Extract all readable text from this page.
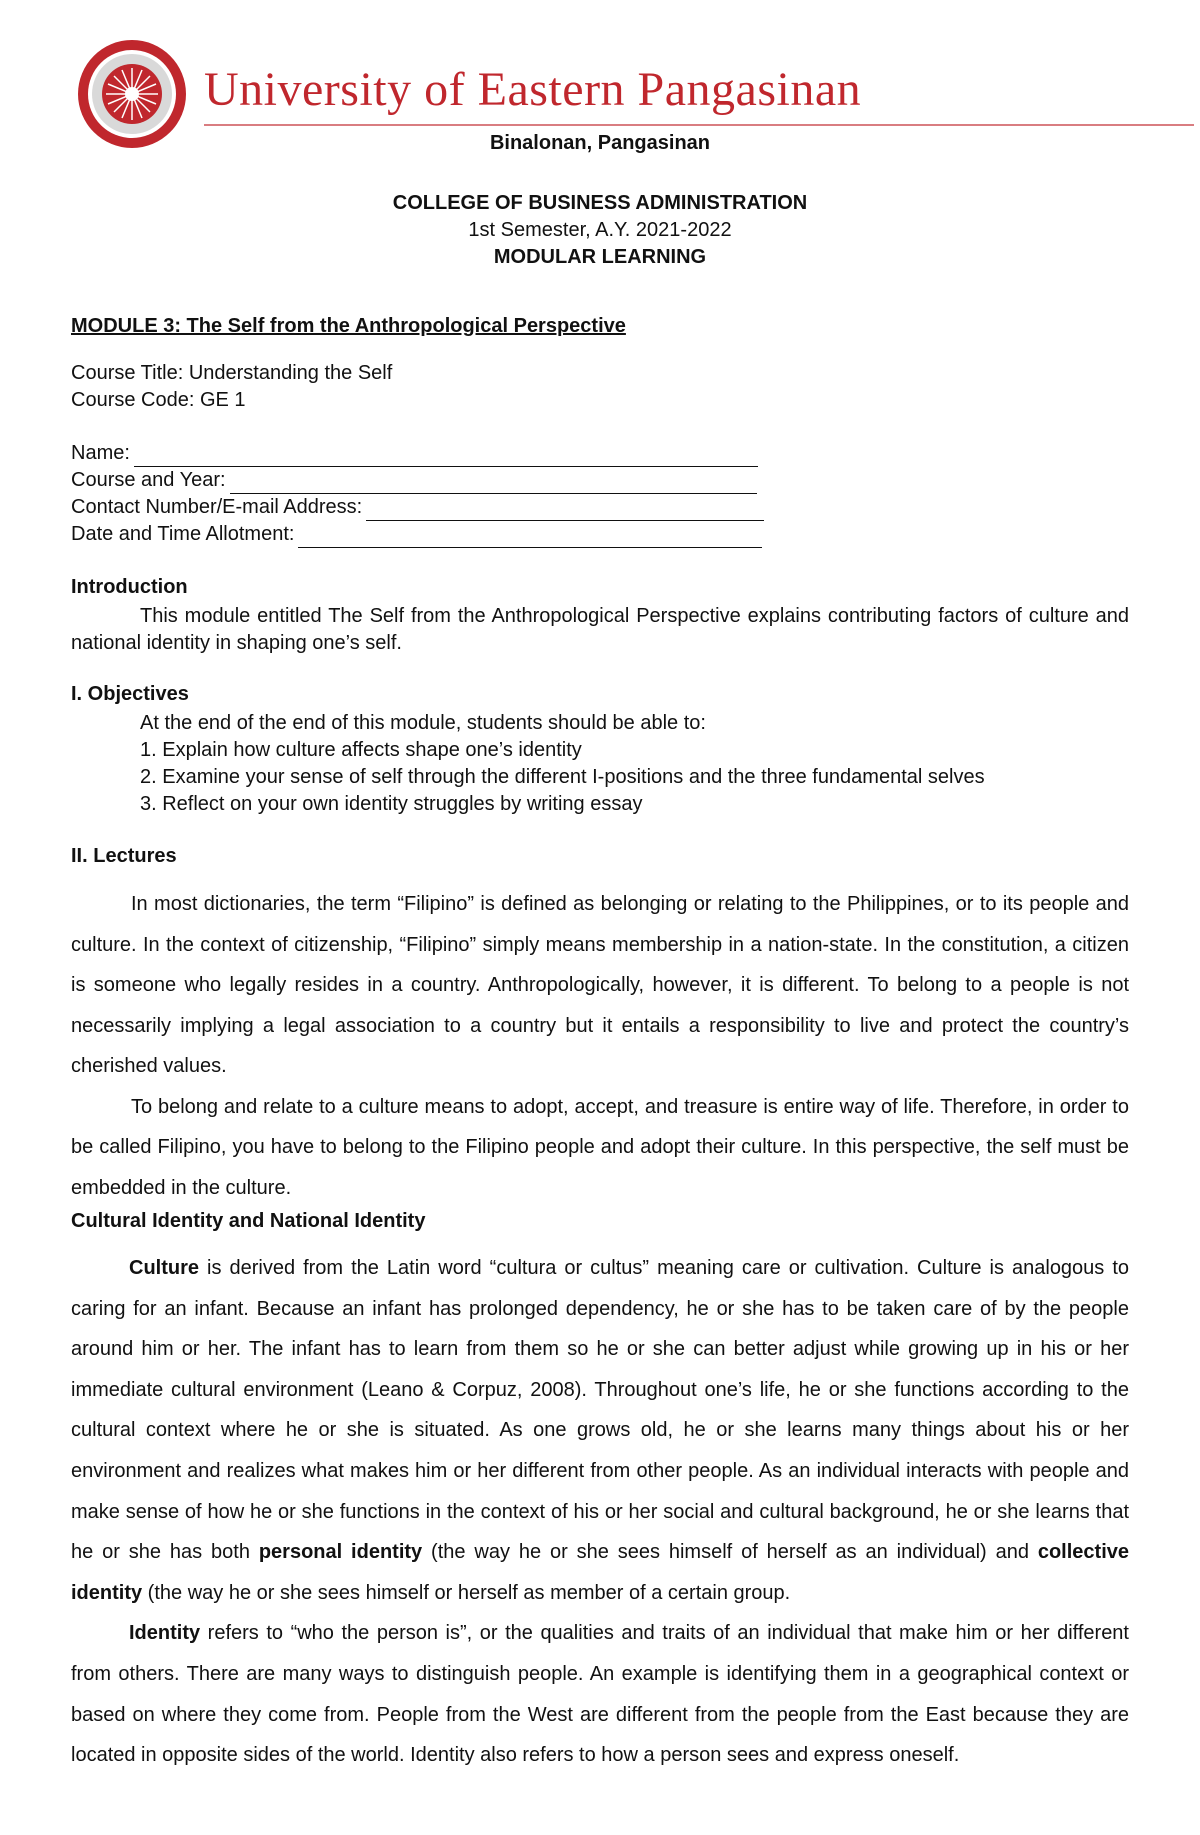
University of Eastern Pangasinan
Binalonan, Pangasinan
COLLEGE OF BUSINESS ADMINISTRATION
1st Semester, A.Y. 2021-2022
MODULAR LEARNING
MODULE 3: The Self from the Anthropological Perspective
Course Title: Understanding the Self
Course Code: GE 1
Name:
Course and Year:
Contact Number/E-mail Address:
Date and Time Allotment:
Introduction
This module entitled The Self from the Anthropological Perspective explains contributing factors of culture and national identity in shaping one’s self.
I. Objectives
At the end of the end of this module, students should be able to:
1. Explain how culture affects shape one’s identity
2. Examine your sense of self through the different I-positions and the three fundamental selves
3. Reflect on your own identity struggles by writing essay
II. Lectures

In most dictionaries, the term “Filipino” is defined as belonging or relating to the Philippines, or to its people and culture. In the context of citizenship, “Filipino” simply means membership in a nation-state. In the constitution, a citizen is someone who legally resides in a country. Anthropologically, however, it is different. To belong to a people is not necessarily implying a legal association to a country but it entails a responsibility to live and protect the country’s cherished values.

To belong and relate to a culture means to adopt, accept, and treasure is entire way of life. Therefore, in order to be called Filipino, you have to belong to the Filipino people and adopt their culture. In this perspective, the self must be embedded in the culture.

Cultural Identity and National Identity

Culture is derived from the Latin word “cultura or cultus” meaning care or cultivation. Culture is analogous to caring for an infant. Because an infant has prolonged dependency, he or she has to be taken care of by the people around him or her. The infant has to learn from them so he or she can better adjust while growing up in his or her immediate cultural environment (Leano & Corpuz, 2008). Throughout one’s life, he or she functions according to the cultural context where he or she is situated. As one grows old, he or she learns many things about his or her environment and realizes what makes him or her different from other people. As an individual interacts with people and make sense of how he or she functions in the context of his or her social and cultural background, he or she learns that he or she has both personal identity (the way he or she sees himself of herself as an individual) and collective identity (the way he or she sees himself or herself as member of a certain group.

Identity refers to “who the person is”, or the qualities and traits of an individual that make him or her different from others. There are many ways to distinguish people. An example is identifying them in a geographical context or based on where they come from. People from the West are different from the people from the East because they are located in opposite sides of the world. Identity also refers to how a person sees and express oneself.
